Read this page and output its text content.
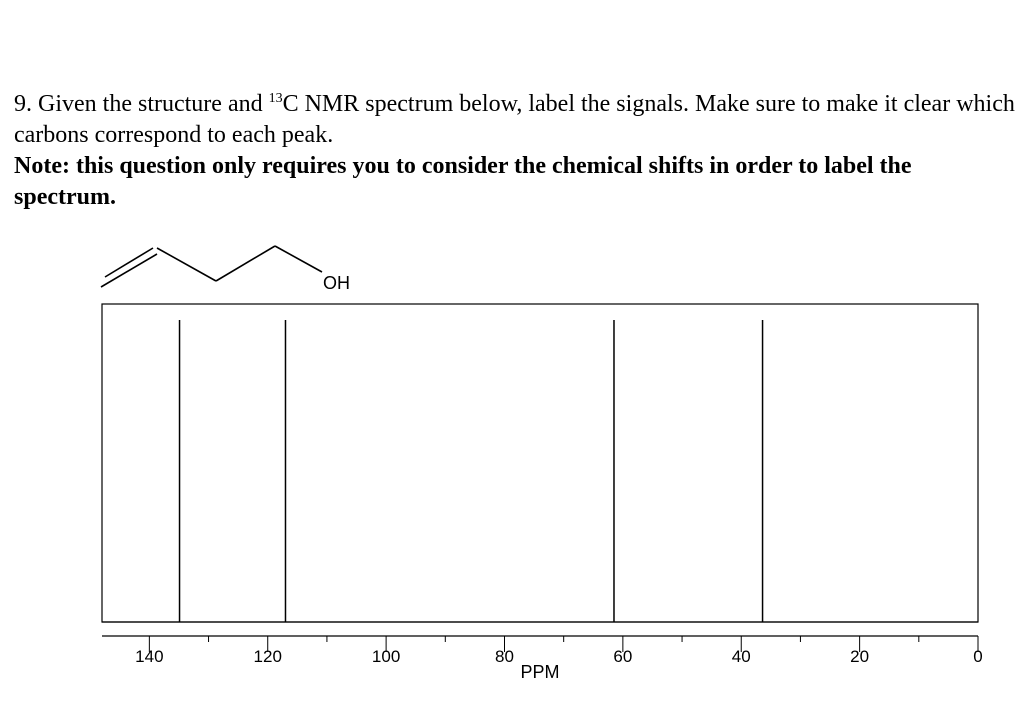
9. Given the structure and $^{13}$C NMR spectrum below, label the signals. Make sure to make it clear which carbons correspond to each peak.

Note: this question only requires you to consider the chemical shifts in order to label the spectrum.

OH
140	120	100	80	60	40	20	0
PPM
